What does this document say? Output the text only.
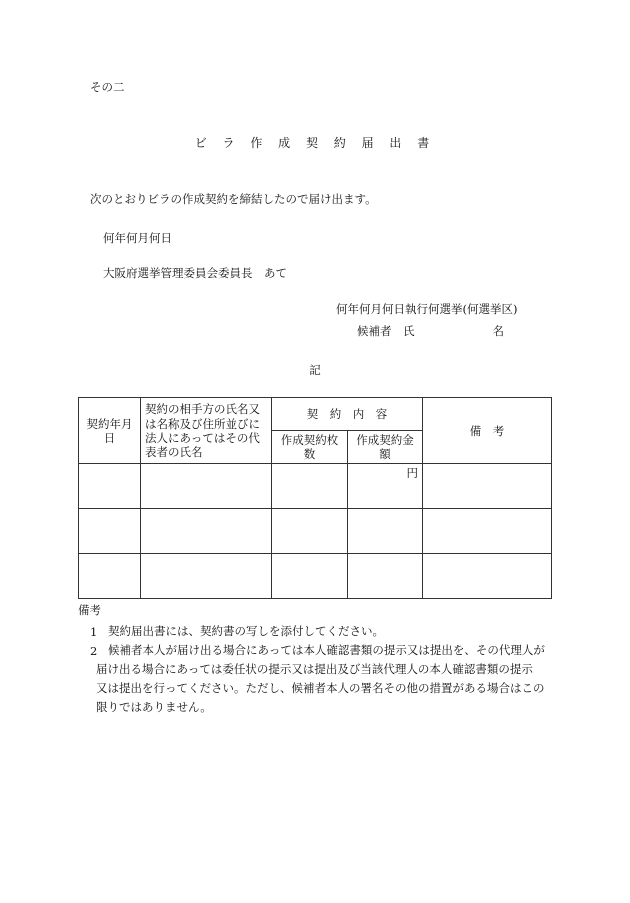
その二
ビ ラ 作 成 契 約 届 出 書
次のとおりビラの作成契約を締結したので届け出ます。
何年何月何日
大阪府選挙管理委員会委員長　あて
何年何月何日執行何選挙(何選挙区)
候補者　氏	名
記
契約年月日	契約の相手方の氏名又は名称及び住所並びに法人にあってはその代表者の氏名	契　約　内　容		備　考
		作成契約枚数	作成契約金額	
			円	

備考
1 契約届出書には、契約書の写しを添付してください。
2 候補者本人が届け出る場合にあっては本人確認書類の提示又は提出を、その代理人が
届け出る場合にあっては委任状の提示又は提出及び当該代理人の本人確認書類の提示
又は提出を行ってください。ただし、候補者本人の署名その他の措置がある場合はこの
限りではありません。
